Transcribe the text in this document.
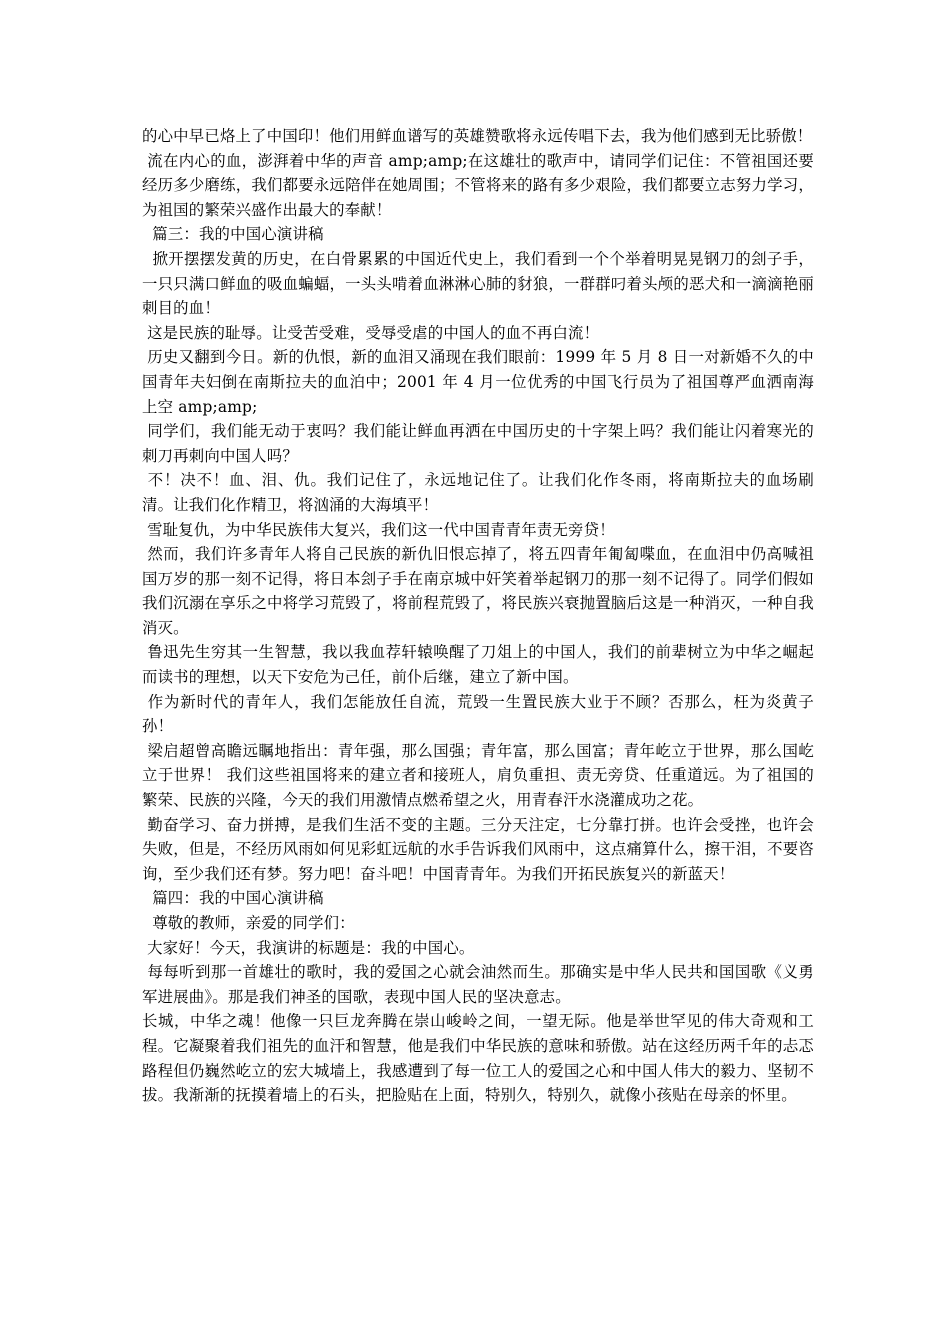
的心中早已烙上了中国印！他们用鲜血谱写的英雄赞歌将永远传唱下去，我为他们感到无比骄傲！

流在内心的血，澎湃着中华的声音 amp;amp;在这雄壮的歌声中，请同学们记住：不管祖国还要经历多少磨练，我们都要永远陪伴在她周围；不管将来的路有多少艰险，我们都要立志努力学习，为祖国的繁荣兴盛作出最大的奉献！

篇三：我的中国心演讲稿

掀开摆摆发黄的历史，在白骨累累的中国近代史上，我们看到一个个举着明晃晃钢刀的刽子手，一只只满口鲜血的吸血蝙蝠，一头头啃着血淋淋心肺的豺狼，一群群叼着头颅的恶犬和一滴滴艳丽刺目的血！

这是民族的耻辱。让受苦受难，受辱受虐的中国人的血不再白流！

历史又翻到今日。新的仇恨，新的血泪又涌现在我们眼前：1999 年 5 月 8 日一对新婚不久的中国青年夫妇倒在南斯拉夫的血泊中；2001 年 4 月一位优秀的中国飞行员为了祖国尊严血洒南海上空 amp;amp;

同学们，我们能无动于衷吗？我们能让鲜血再洒在中国历史的十字架上吗？我们能让闪着寒光的刺刀再刺向中国人吗？

不！决不！血、泪、仇。我们记住了，永远地记住了。让我们化作冬雨，将南斯拉夫的血场刷清。让我们化作精卫，将汹涌的大海填平！

雪耻复仇，为中华民族伟大复兴，我们这一代中国青青年责无旁贷！

然而，我们许多青年人将自己民族的新仇旧恨忘掉了，将五四青年匍匐喋血，在血泪中仍高喊祖国万岁的那一刻不记得，将日本刽子手在南京城中奸笑着举起钢刀的那一刻不记得了。同学们假如我们沉溺在享乐之中将学习荒毁了，将前程荒毁了，将民族兴衰抛置脑后这是一种消灭，一种自我消灭。

鲁迅先生穷其一生智慧，我以我血荐轩辕唤醒了刀俎上的中国人，我们的前辈树立为中华之崛起而读书的理想，以天下安危为己任，前仆后继，建立了新中国。

作为新时代的青年人，我们怎能放任自流，荒毁一生置民族大业于不顾？否那么，枉为炎黄子孙！

梁启超曾高瞻远瞩地指出：青年强，那么国强；青年富，那么国富；青年屹立于世界，那么国屹立于世界！ 我们这些祖国将来的建立者和接班人，肩负重担、责无旁贷、任重道远。为了祖国的繁荣、民族的兴隆，今天的我们用激情点燃希望之火，用青春汗水浇灌成功之花。

勤奋学习、奋力拼搏，是我们生活不变的主题。三分天注定，七分靠打拼。也许会受挫，也许会失败，但是，不经历风雨如何见彩虹远航的水手告诉我们风雨中，这点痛算什么，擦干泪，不要咨询，至少我们还有梦。努力吧！奋斗吧！中国青青年。为我们开拓民族复兴的新蓝天！

篇四：我的中国心演讲稿

尊敬的教师，亲爱的同学们：

大家好！今天，我演讲的标题是：我的中国心。

每每听到那一首雄壮的歌时，我的爱国之心就会油然而生。那确实是中华人民共和国国歌《义勇军进展曲》。那是我们神圣的国歌，表现中国人民的坚决意志。

长城，中华之魂！他像一只巨龙奔腾在崇山峻岭之间，一望无际。他是举世罕见的伟大奇观和工程。它凝聚着我们祖先的血汗和智慧，他是我们中华民族的意味和骄傲。站在这经历两千年的忐忑路程但仍巍然屹立的宏大城墙上，我感遭到了每一位工人的爱国之心和中国人伟大的毅力、坚韧不拔。我渐渐的抚摸着墙上的石头，把脸贴在上面，特别久，特别久，就像小孩贴在母亲的怀里。
